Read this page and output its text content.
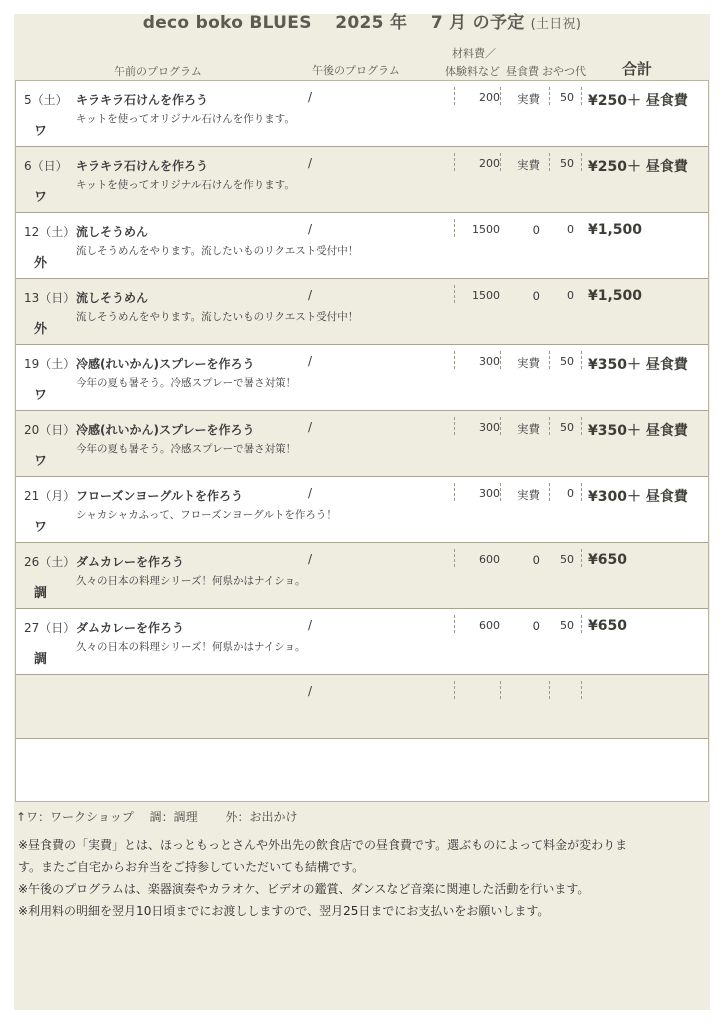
deco boko BLUES　 2025 年　 7 月 の予定 (土日祝)
午前のプログラム	午後のプログラム
材料費／
体験料など 昼食費 おやつ代 合計
5（土）
ワ
キラキラ石けんを作ろう
キットを使ってオリジナル石けんを作ります。
/	200	実費	50 ¥250＋ 昼食費
6（日）
ワ
キラキラ石けんを作ろう
キットを使ってオリジナル石けんを作ります。
/	200	実費	50 ¥250＋ 昼食費
12（土）
外
流しそうめん
流しそうめんをやります。流したいものリクエスト受付中！
/	1500	0	0 ¥1,500
13（日）
外
流しそうめん
流しそうめんをやります。流したいものリクエスト受付中！
/	1500	0	0 ¥1,500
19（土）
ワ
冷感(れいかん)スプレーを作ろう
今年の夏も暑そう。冷感スプレーで暑さ対策！
/	300	実費	50 ¥350＋ 昼食費
20（日）
ワ
冷感(れいかん)スプレーを作ろう
今年の夏も暑そう。冷感スプレーで暑さ対策！
/	300	実費	50 ¥350＋ 昼食費
21（月）
ワ
フローズンヨーグルトを作ろう
シャカシャカふって、フローズンヨーグルトを作ろう！
/	300	実費	0 ¥300＋ 昼食費
26（土）
調
ダムカレーを作ろう
久々の日本の料理シリーズ！何県かはナイショ。
/	600	0	50 ¥650
27（日）
調
ダムカレーを作ろう
久々の日本の料理シリーズ！何県かはナイショ。
/	600	0	50 ¥650
/
↑ワ：ワークショップ　 調：調理　　 外：お出かけ

※昼食費の「実費」とは、ほっともっとさんや外出先の飲食店での昼食費です。選ぶものによって料金が変わりま

す。またご自宅からお弁当をご持参していただいても結構です。

※午後のプログラムは、楽器演奏やカラオケ、ビデオの鑑賞、ダンスなど音楽に関連した活動を行います。

※利用料の明細を翌月10日頃までにお渡ししますので、翌月25日までにお支払いをお願いします。
